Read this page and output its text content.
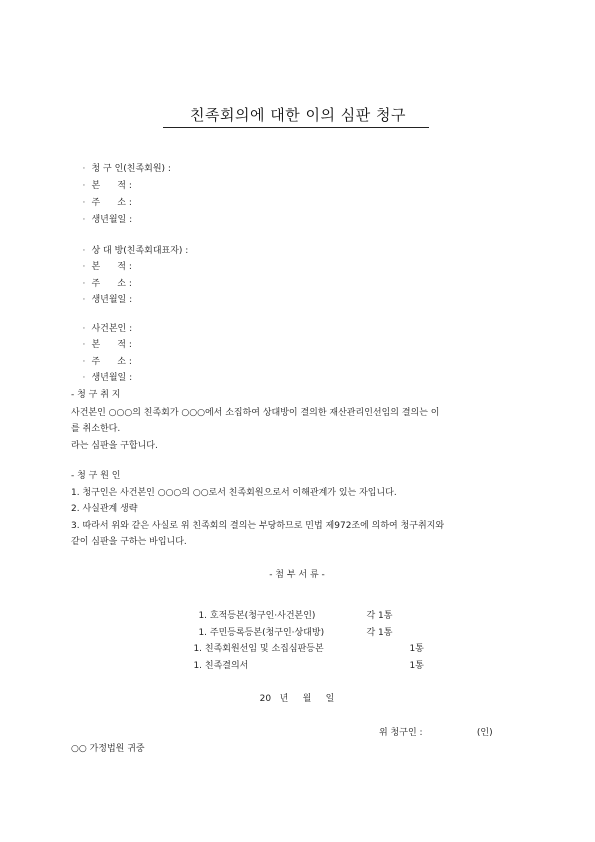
친족회의에 대한 이의 심판 청구

· 청 구 인(친족회원) :

· 본      적 :

· 주      소 :

· 생년월일 :

· 상 대 방(친족회대표자) :

· 본      적 :

· 주      소 :

· 생년월일 :

· 사건본인 :

· 본      적 :

· 주      소 :

· 생년월일 :

- 청 구 취 지
사건본인 ○○○의 친족회가 ○○○에서 소집하여 상대방이 결의한 재산관리인선임의 결의는 이
를 취소한다.
라는 심판을 구합니다.
- 청 구 원 인
1. 청구인은 사건본인 ○○○의 ○○로서 친족회원으로서 이해관계가 있는 자입니다.
2. 사실관계 생략
3. 따라서 위와 같은 사실로 위 친족회의 결의는 부당하므로 민법 제972조에 의하여 청구취지와
같이 심판을 구하는 바입니다.
- 첨 부 서 류 -

1. 호적등본(청구인·사건본인)	각 1통

1. 주민등록등본(청구인·상대방)	각 1통

1. 친족회원선임 및 소집심판등본	1통

1. 친족결의서	1통

20   년     월     일
위 청구인 :                   (인)
○○ 가정법원 귀중
